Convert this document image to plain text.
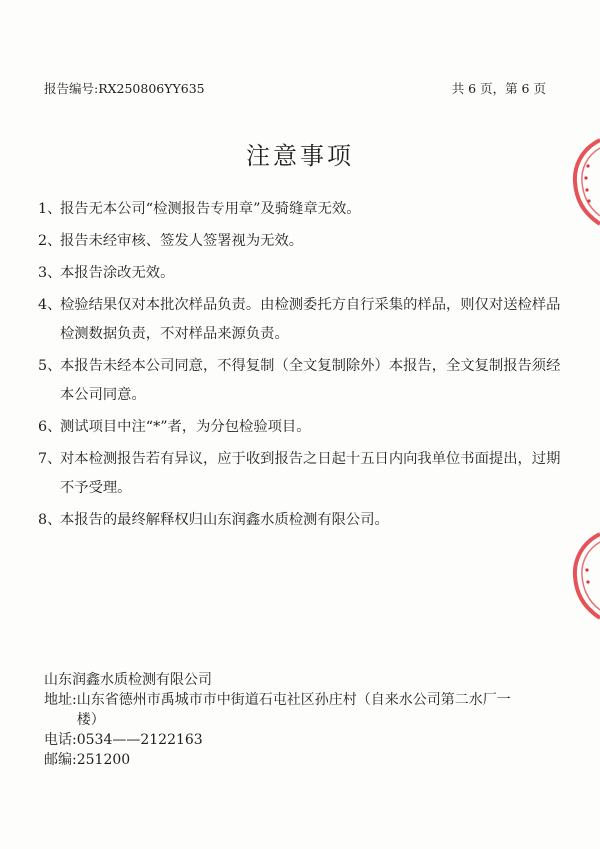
报告编号:RX250806YY635	共 6 页，第 6 页
注意事项
1、
报告无本公司“检测报告专用章”及骑缝章无效。
2、
报告未经审核、签发人签署视为无效。
3、
本报告涂改无效。
4、
检验结果仅对本批次样品负责。由检测委托方自行采集的样品，则仅对送检样品检测数据负责，不对样品来源负责。
5、
本报告未经本公司同意，不得复制（全文复制除外）本报告，全文复制报告须经本公司同意。
6、
测试项目中注“*”者，为分包检验项目。
7、
对本检测报告若有异议，应于收到报告之日起十五日内向我单位书面提出，过期不予受理。
8、
本报告的最终解释权归山东润鑫水质检测有限公司。
山东润鑫水质检测有限公司
地址: 山东省德州市禹城市市中街道石屯社区孙庄村（自来水公司第二水厂一楼）
电话: 0534——2122163
邮编: 251200
